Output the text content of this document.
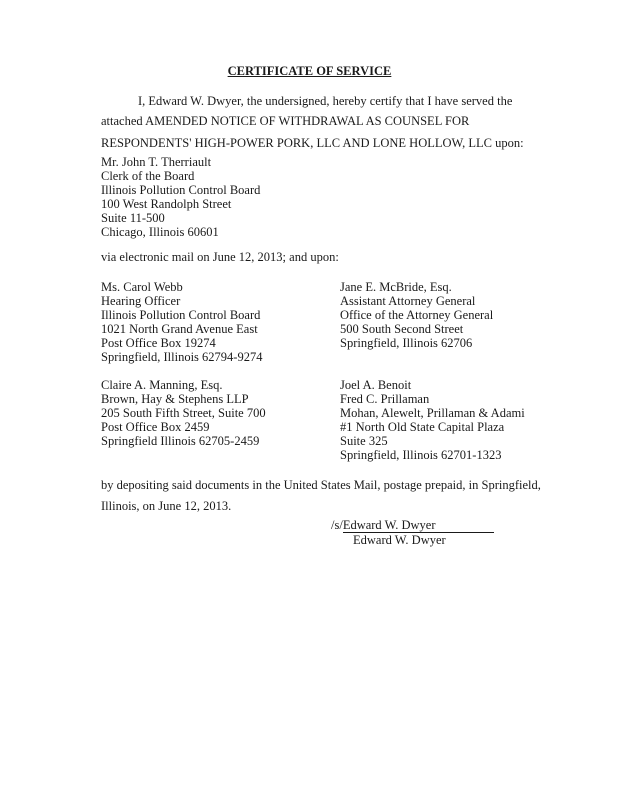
CERTIFICATE OF SERVICE
I, Edward W. Dwyer, the undersigned, hereby certify that I have served the
attached AMENDED NOTICE OF WITHDRAWAL AS COUNSEL FOR
RESPONDENTS' HIGH-POWER PORK, LLC AND LONE HOLLOW, LLC upon:
Mr. John T. Therriault
Clerk of the Board
Illinois Pollution Control Board
100 West Randolph Street
Suite 11-500
Chicago, Illinois 60601
via electronic mail on June 12, 2013; and upon:
Ms. Carol Webb
Hearing Officer
Illinois Pollution Control Board
1021 North Grand Avenue East
Post Office Box 19274
Springfield, Illinois 62794-9274
Jane E. McBride, Esq.
Assistant Attorney General
Office of the Attorney General
500 South Second Street
Springfield, Illinois 62706
Claire A. Manning, Esq.
Brown, Hay & Stephens LLP
205 South Fifth Street, Suite 700
Post Office Box 2459
Springfield Illinois 62705-2459
Joel A. Benoit
Fred C. Prillaman
Mohan, Alewelt, Prillaman & Adami
#1 North Old State Capital Plaza
Suite 325
Springfield, Illinois 62701-1323
by depositing said documents in the United States Mail, postage prepaid, in Springfield,
Illinois, on June 12, 2013.
/s/Edward W. Dwyer
Edward W. Dwyer
